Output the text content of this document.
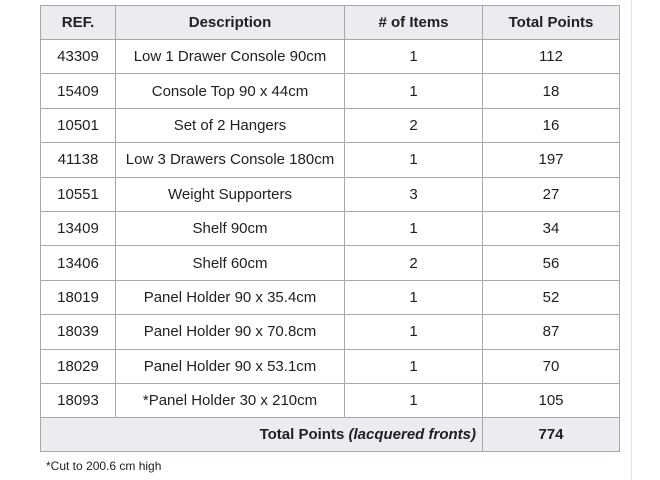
REF.	Description	# of Items	Total Points
43309	Low 1 Drawer Console 90cm	1	112
15409	Console Top 90 x 44cm	1	18
10501	Set of 2 Hangers	2	16
41138	Low 3 Drawers Console 180cm	1	197
10551	Weight Supporters	3	27
13409	Shelf 90cm	1	34
13406	Shelf 60cm	2	56
18019	Panel Holder 90 x 35.4cm	1	52
18039	Panel Holder 90 x 70.8cm	1	87
18029	Panel Holder 90 x 53.1cm	1	70
18093	*Panel Holder 30 x 210cm	1	105
Total Points (lacquered fronts)			774
*Cut to 200.6 cm high
